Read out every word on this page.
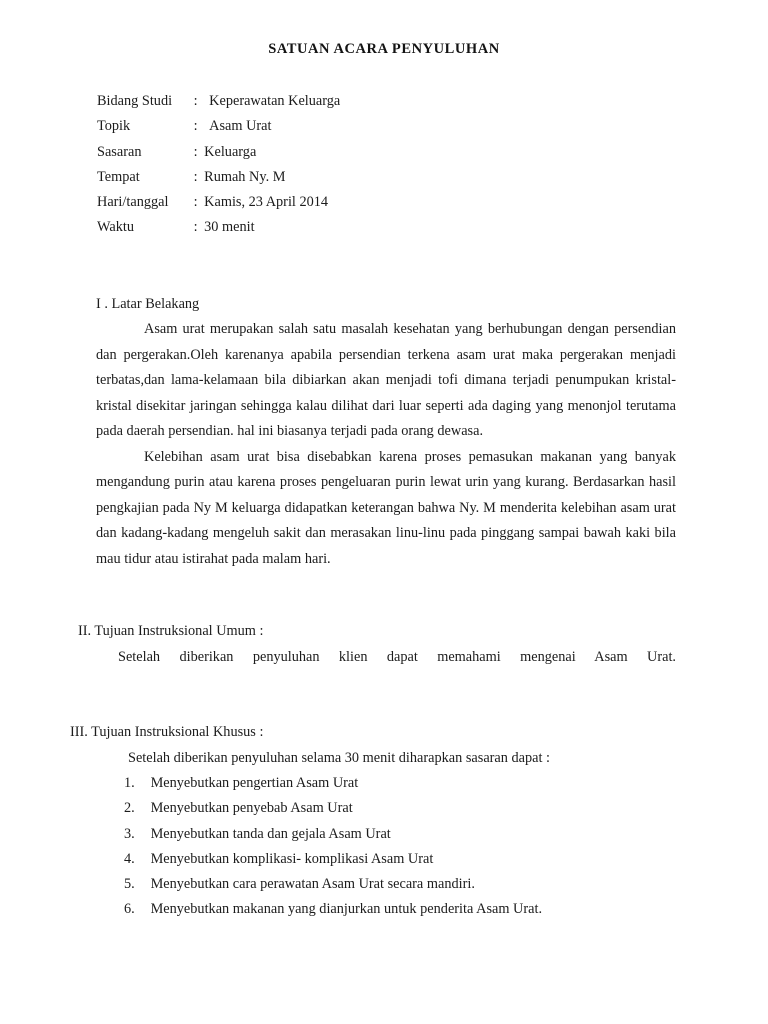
SATUAN ACARA PENYULUHAN
Bidang Studi : Keperawatan Keluarga
Topik	: Asam Urat
Sasaran	: Keluarga
Tempat	: Rumah Ny. M
Hari/tanggal : Kamis, 23 April 2014
Waktu	: 30 menit
I . Latar Belakang

Asam urat merupakan salah satu masalah kesehatan yang berhubungan dengan persendian dan pergerakan.Oleh karenanya apabila persendian terkena asam urat maka pergerakan menjadi terbatas,dan lama-kelamaan bila dibiarkan akan menjadi tofi dimana terjadi penumpukan kristal-kristal disekitar jaringan sehingga kalau dilihat dari luar seperti ada daging yang menonjol terutama pada daerah persendian. hal ini biasanya terjadi pada orang dewasa.

Kelebihan asam urat bisa disebabkan karena proses pemasukan makanan yang banyak mengandung purin atau karena proses pengeluaran purin lewat urin yang kurang. Berdasarkan hasil pengkajian pada Ny M keluarga didapatkan keterangan bahwa Ny. M menderita kelebihan asam urat dan kadang-kadang mengeluh sakit dan merasakan linu-linu pada pinggang sampai bawah kaki bila mau tidur atau istirahat pada malam hari.

II. Tujuan Instruksional Umum :
Setelah diberikan penyuluhan klien dapat memahami mengenai Asam Urat.
III. Tujuan Instruksional Khusus :
Setelah diberikan penyuluhan selama 30 menit diharapkan sasaran dapat :
1. Menyebutkan pengertian Asam Urat
2. Menyebutkan penyebab Asam Urat
3. Menyebutkan tanda dan gejala Asam Urat
4. Menyebutkan komplikasi- komplikasi Asam Urat
5. Menyebutkan cara perawatan Asam Urat secara mandiri.
6. Menyebutkan makanan yang dianjurkan untuk penderita Asam Urat.
